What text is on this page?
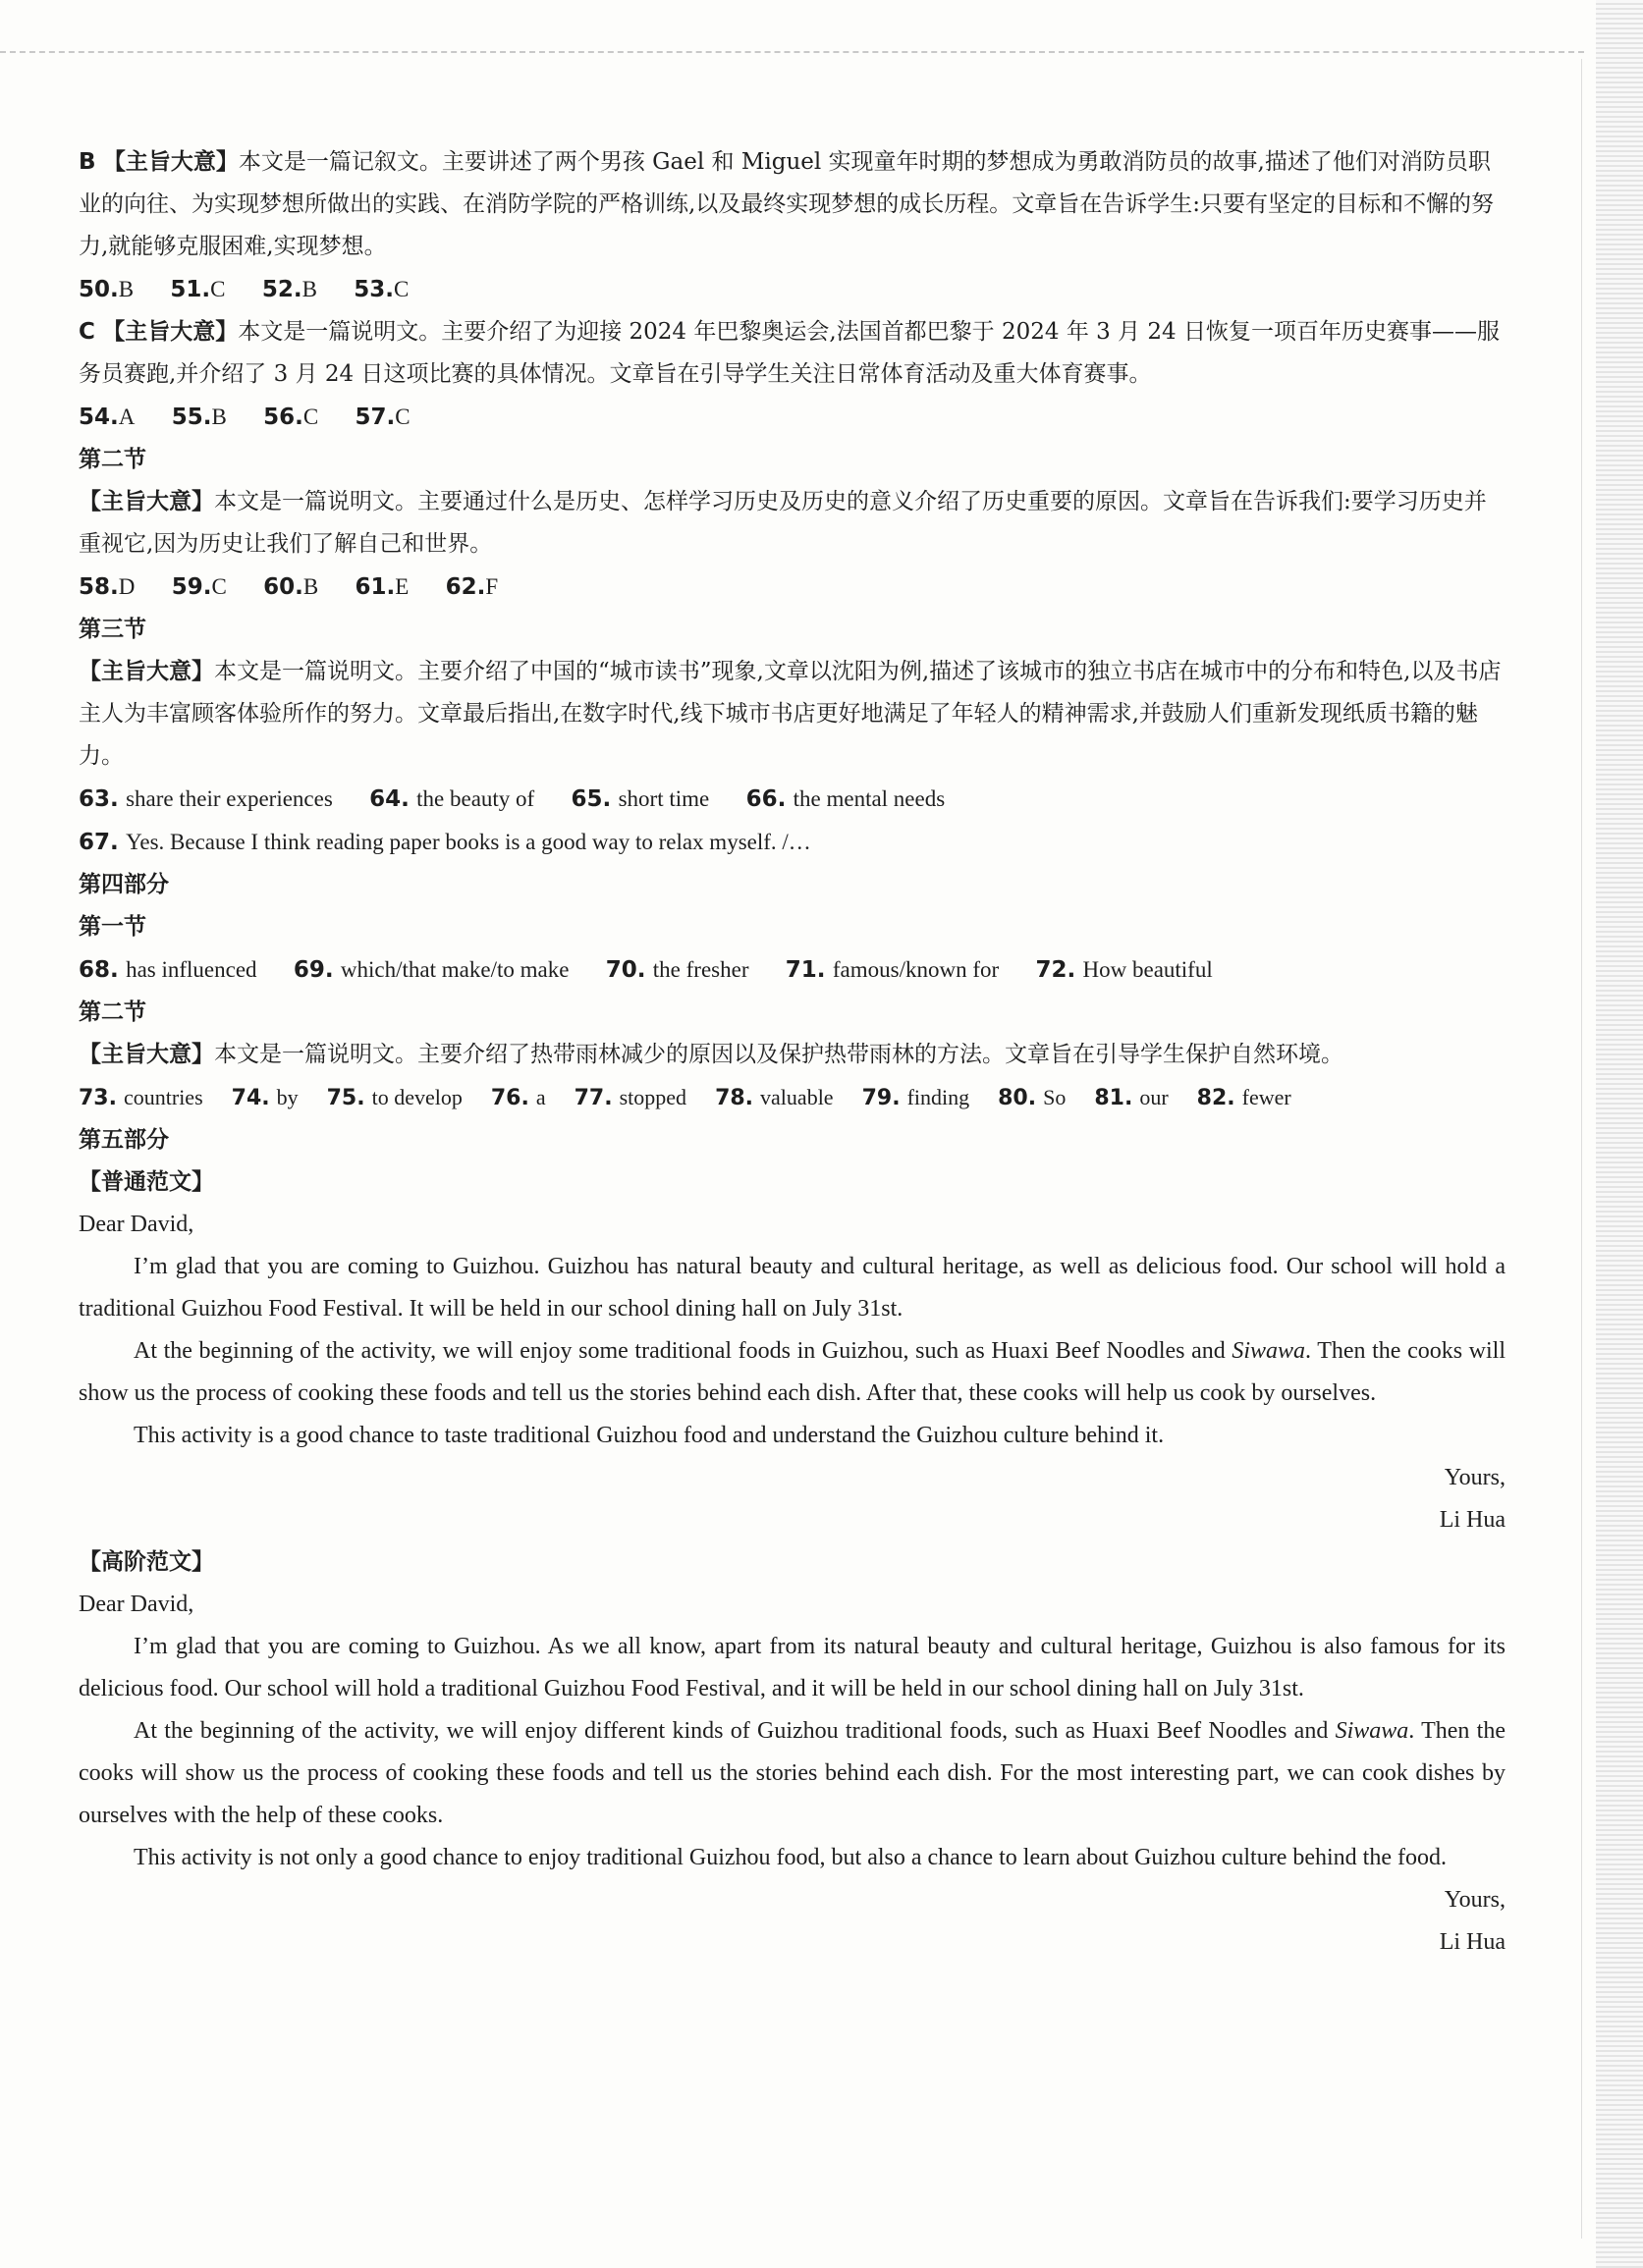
B 【主旨大意】本文是一篇记叙文。主要讲述了两个男孩 Gael 和 Miguel 实现童年时期的梦想成为勇敢消防员的故事,描述了他们对消防员职业的向往、为实现梦想所做出的实践、在消防学院的严格训练,以及最终实现梦想的成长历程。文章旨在告诉学生:只要有坚定的目标和不懈的努力,就能够克服困难,实现梦想。

50.B 51.C 52.B 53.C

C 【主旨大意】本文是一篇说明文。主要介绍了为迎接 2024 年巴黎奥运会,法国首都巴黎于 2024 年 3 月 24 日恢复一项百年历史赛事——服务员赛跑,并介绍了 3 月 24 日这项比赛的具体情况。文章旨在引导学生关注日常体育活动及重大体育赛事。

54.A 55.B 56.C 57.C

第二节

【主旨大意】本文是一篇说明文。主要通过什么是历史、怎样学习历史及历史的意义介绍了历史重要的原因。文章旨在告诉我们:要学习历史并重视它,因为历史让我们了解自己和世界。

58.D 59.C 60.B 61.E 62.F

第三节

【主旨大意】本文是一篇说明文。主要介绍了中国的“城市读书”现象,文章以沈阳为例,描述了该城市的独立书店在城市中的分布和特色,以及书店主人为丰富顾客体验所作的努力。文章最后指出,在数字时代,线下城市书店更好地满足了年轻人的精神需求,并鼓励人们重新发现纸质书籍的魅力。

63. share their experiences 64. the beauty of 65. short time 66. the mental needs

67. Yes. Because I think reading paper books is a good way to relax myself. /…

第四部分

第一节

68. has influenced 69. which/that make/to make 70. the fresher 71. famous/known for 72. How beautiful

第二节

【主旨大意】本文是一篇说明文。主要介绍了热带雨林减少的原因以及保护热带雨林的方法。文章旨在引导学生保护自然环境。

73. countries 74. by 75. to develop 76. a 77. stopped 78. valuable 79. finding 80. So 81. our 82. fewer

第五部分

【普通范文】

Dear David,

I’m glad that you are coming to Guizhou. Guizhou has natural beauty and cultural heritage, as well as delicious food. Our school will hold a traditional Guizhou Food Festival. It will be held in our school dining hall on July 31st.

At the beginning of the activity, we will enjoy some traditional foods in Guizhou, such as Huaxi Beef Noodles and Siwawa. Then the cooks will show us the process of cooking these foods and tell us the stories behind each dish. After that, these cooks will help us cook by ourselves.

This activity is a good chance to taste traditional Guizhou food and understand the Guizhou culture behind it.

Yours,

Li Hua

【高阶范文】

Dear David,

I’m glad that you are coming to Guizhou. As we all know, apart from its natural beauty and cultural heritage, Guizhou is also famous for its delicious food. Our school will hold a traditional Guizhou Food Festival, and it will be held in our school dining hall on July 31st.

At the beginning of the activity, we will enjoy different kinds of Guizhou traditional foods, such as Huaxi Beef Noodles and Siwawa. Then the cooks will show us the process of cooking these foods and tell us the stories behind each dish. For the most interesting part, we can cook dishes by ourselves with the help of these cooks.

This activity is not only a good chance to enjoy traditional Guizhou food, but also a chance to learn about Guizhou culture behind the food.

Yours,

Li Hua
